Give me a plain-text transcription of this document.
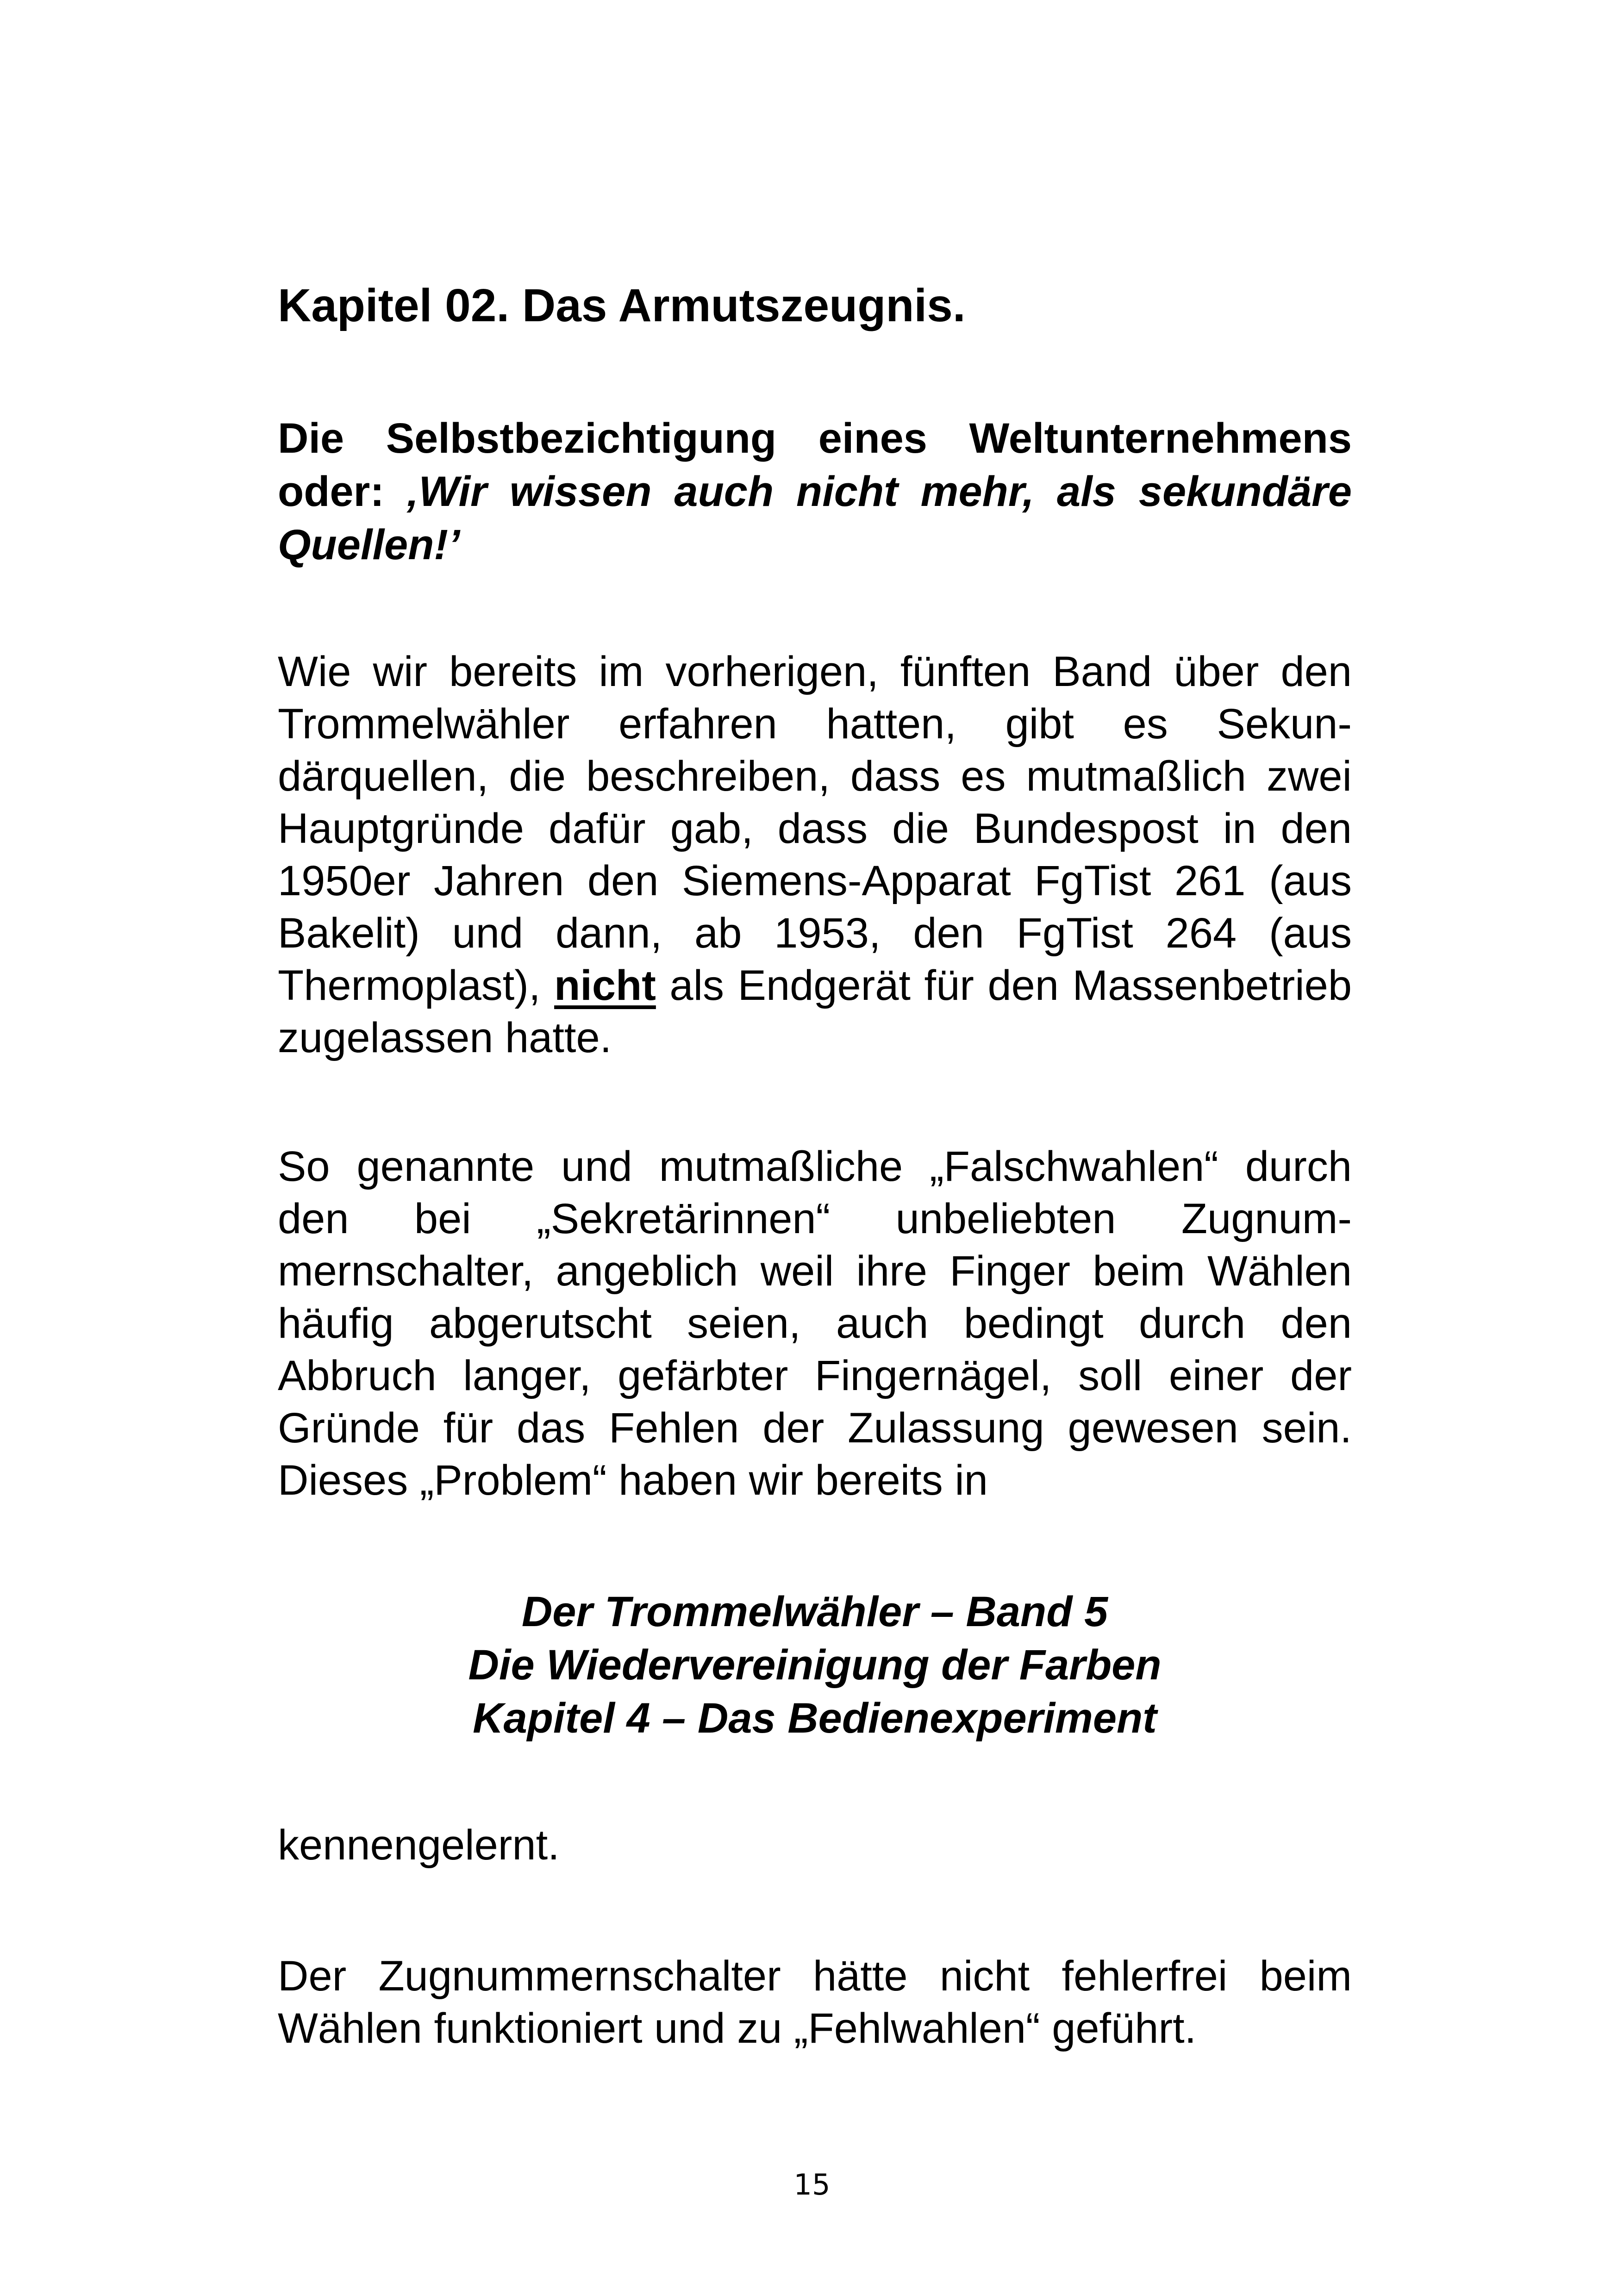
Kapitel 02. Das Armutszeugnis.

Die Selbstbezichtigung eines Weltunternehmens oder: ‚Wir wissen auch nicht mehr, als sekundäre Quellen!’

Wie wir bereits im vorherigen, fünften Band über den Trommelwähler erfahren hatten, gibt es Sekundärquellen, die beschreiben, dass es mutmaßlich zwei Hauptgründe dafür gab, dass die Bundespost in den 1950er Jahren den Siemens-Apparat FgTist 261 (aus Bakelit) und dann, ab 1953, den FgTist 264 (aus Thermoplast), nicht als Endgerät für den Massenbetrieb zugelassen hatte.

So genannte und mutmaßliche „Falschwahlen“ durch den bei „Sekretärinnen“ unbeliebten Zugnummernschalter, angeblich weil ihre Finger beim Wählen häufig abgerutscht seien, auch bedingt durch den Abbruch langer, gefärbter Fingernägel, soll einer der Gründe für das Fehlen der Zulassung gewesen sein. Dieses „Problem“ haben wir bereits in

Der Trommelwähler – Band 5
Die Wiedervereinigung der Farben
Kapitel 4 – Das Bedienexperiment

kennengelernt.

Der Zugnummernschalter hätte nicht fehlerfrei beim Wählen funktioniert und zu „Fehlwahlen“ geführt.

15
